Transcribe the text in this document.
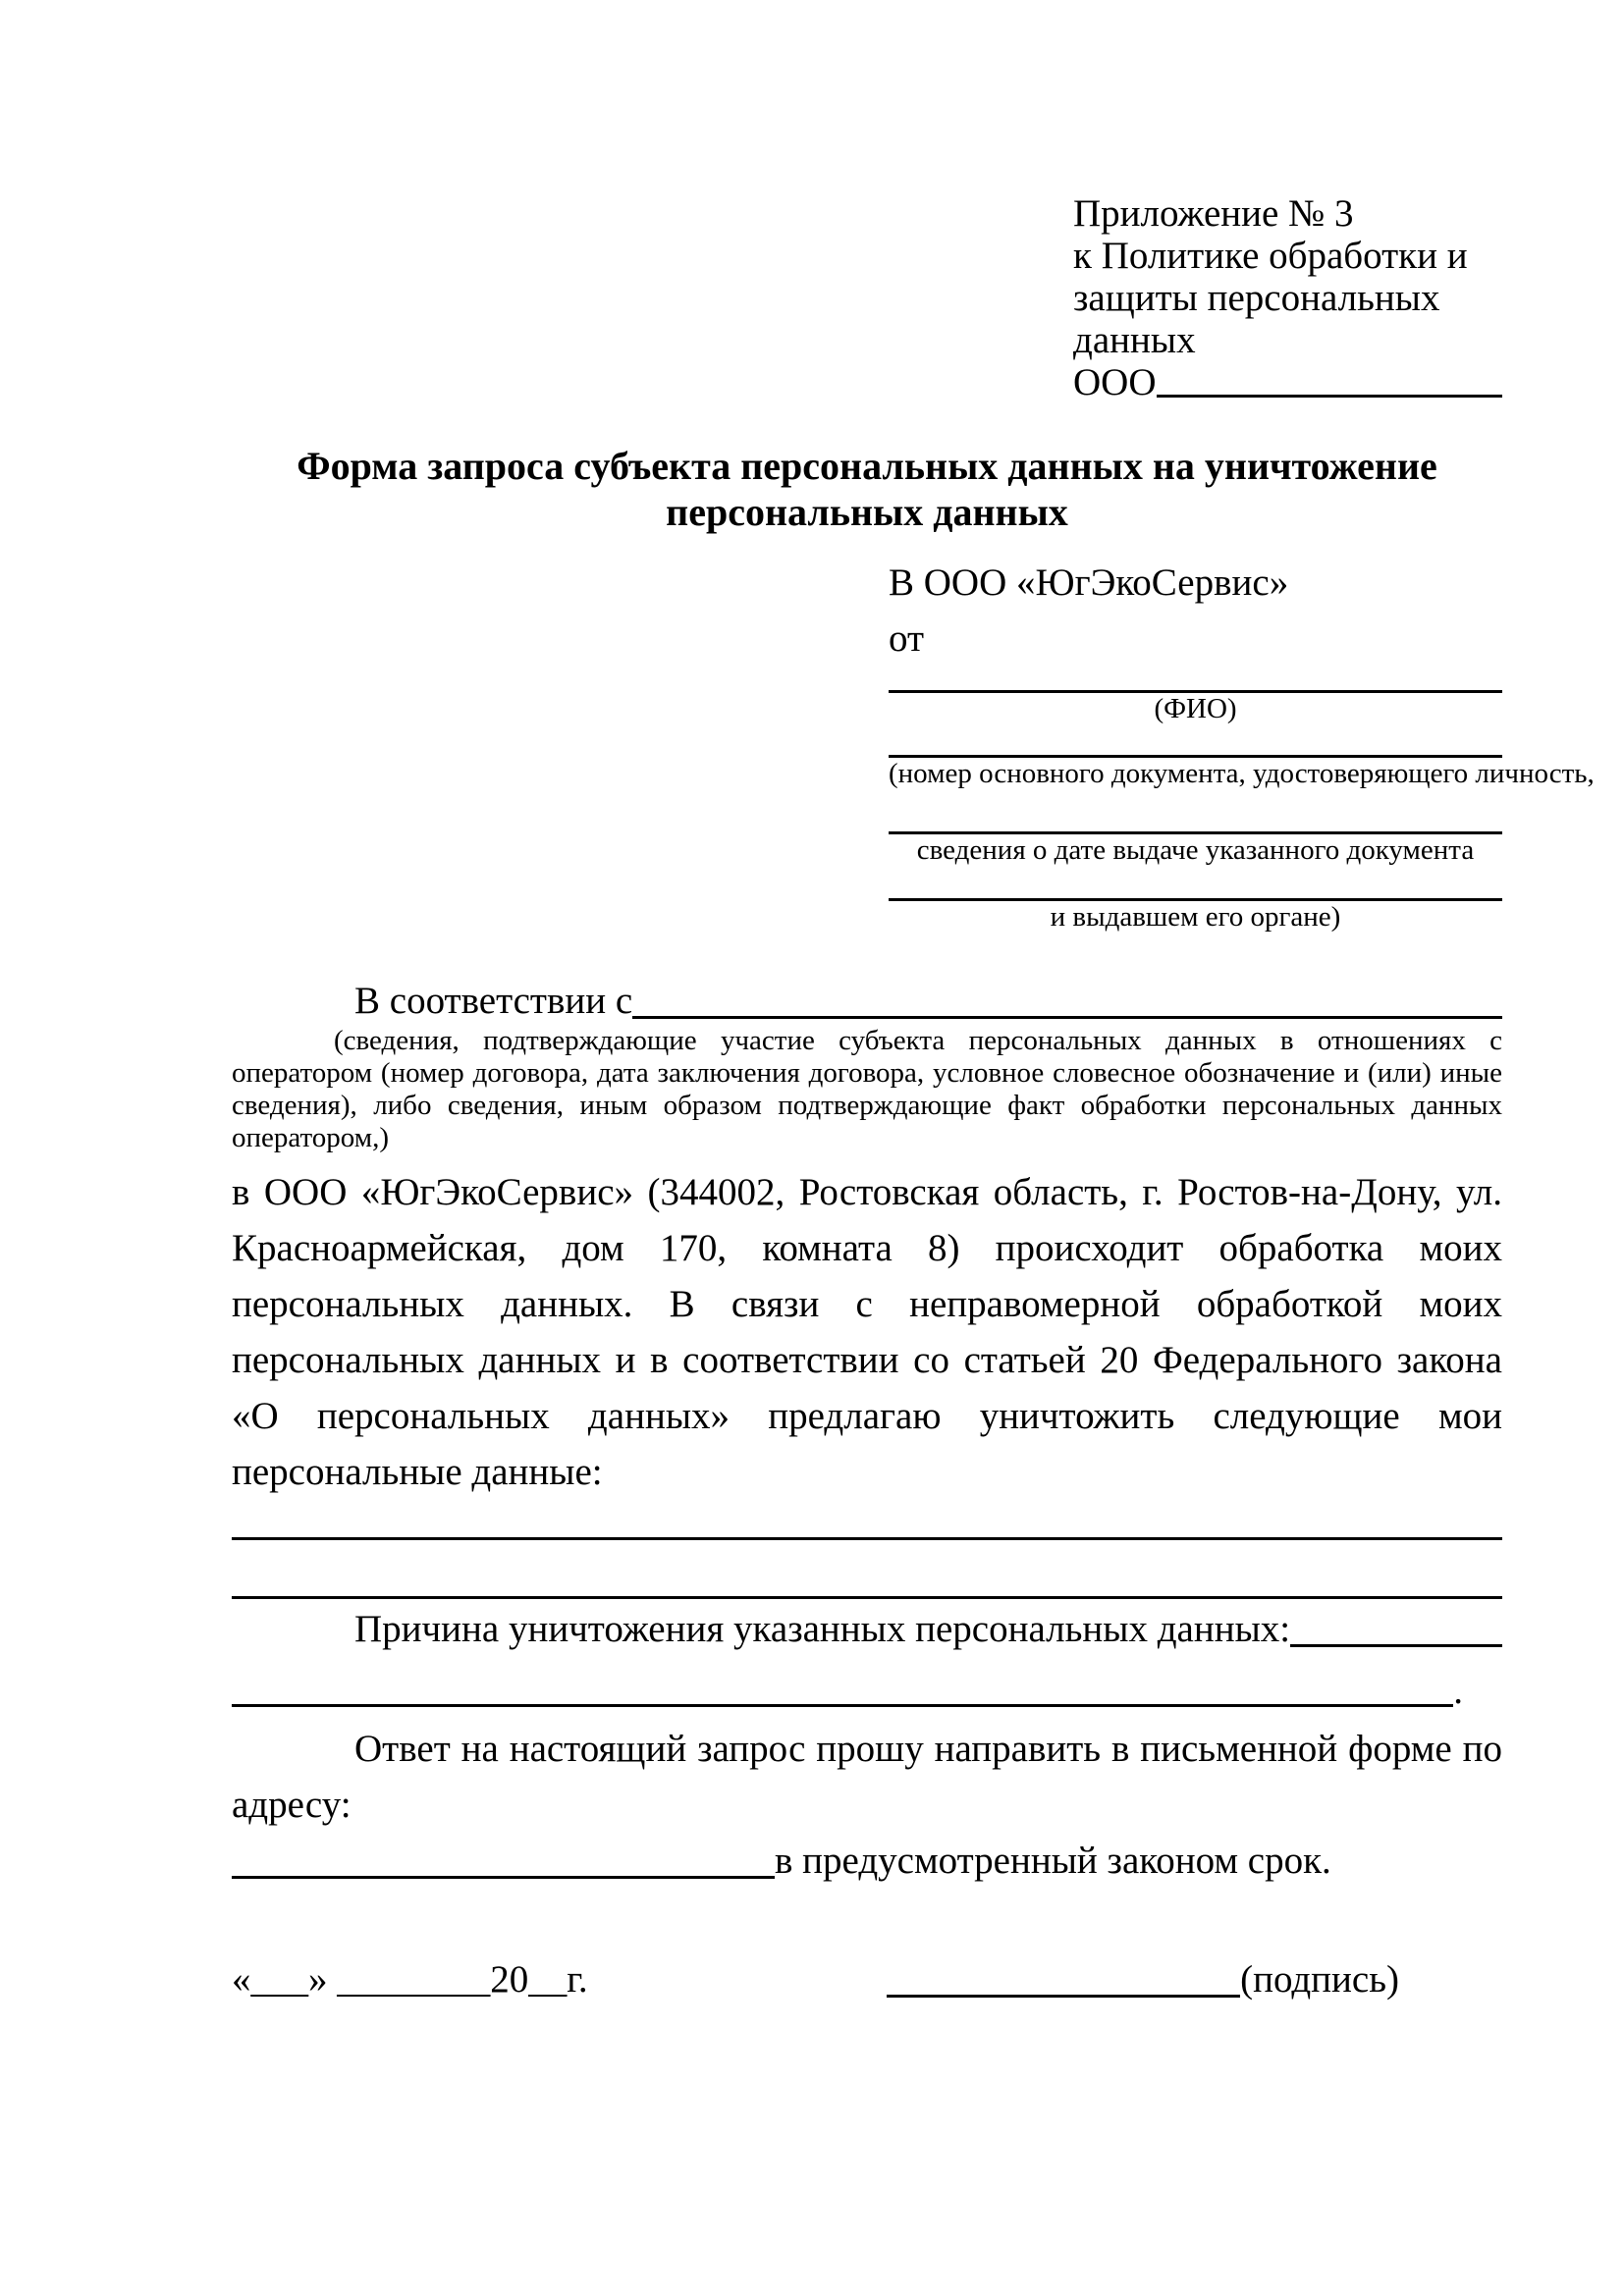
Приложение № 3
к Политике обработки и
защиты персональных данных
ООО
Форма запроса субъекта персональных данных на уничтожение персональных данных
В ООО «ЮгЭкоСервис»
от
(ФИО)
(номер основного документа, удостоверяющего личность,
сведения о дате выдаче указанного документа
и выдавшем его органе)
В соответствии с

(сведения, подтверждающие участие субъекта персональных данных в отношениях с оператором (номер договора, дата заключения договора, условное словесное обозначение и (или) иные сведения), либо сведения, иным образом подтверждающие факт обработки персональных данных оператором,)

в ООО «ЮгЭкоСервис» (344002, Ростовская область, г. Ростов-на-Дону, ул. Красноармейская, дом 170, комната 8) происходит обработка моих персональных данных. В связи с неправомерной обработкой моих персональных данных и в соответствии со статьей 20 Федерального закона «О персональных данных» предлагаю уничтожить следующие мои персональные данные:

Причина уничтожения указанных персональных данных:
.

Ответ на настоящий запрос прошу направить в письменной форме по адресу:

в предусмотренный законом срок.
«___» ________20__г.	(подпись)
